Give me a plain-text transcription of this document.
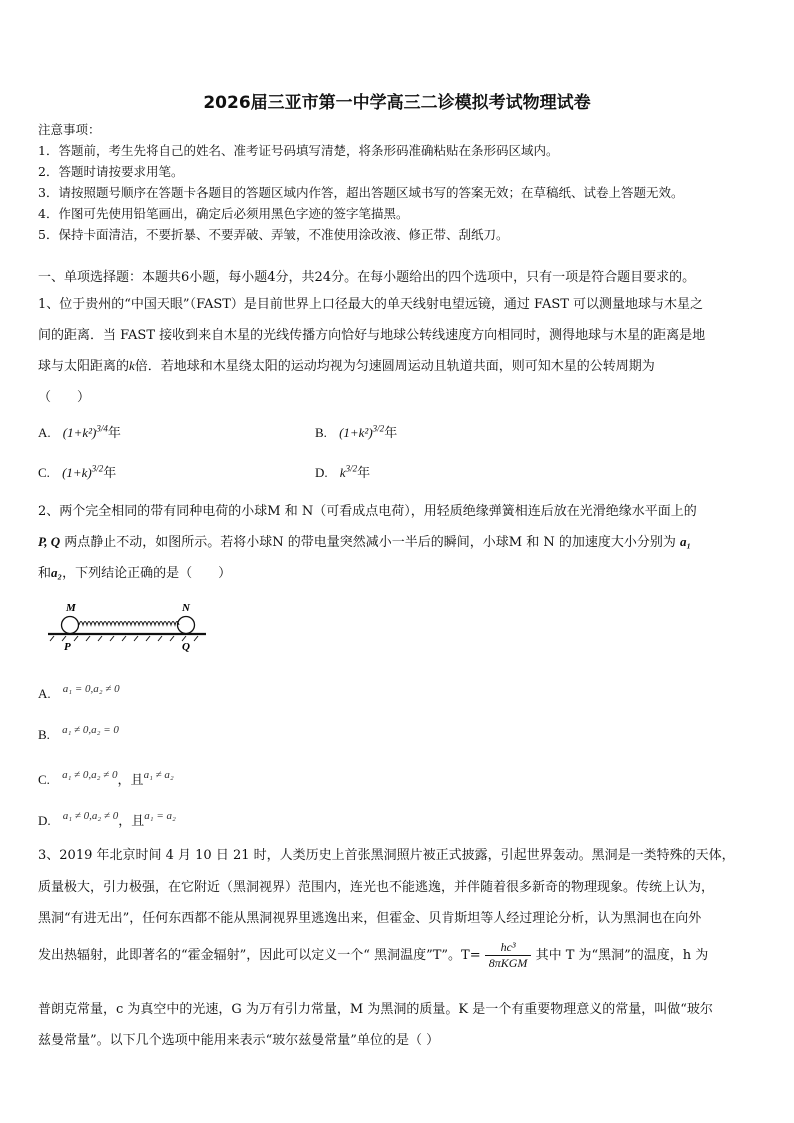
2026届三亚市第一中学高三二诊模拟考试物理试卷
注意事项：
1．答题前，考生先将自己的姓名、准考证号码填写清楚，将条形码准确粘贴在条形码区域内。
2．答题时请按要求用笔。
3．请按照题号顺序在答题卡各题目的答题区域内作答，超出答题区域书写的答案无效；在草稿纸、试卷上答题无效。
4．作图可先使用铅笔画出，确定后必须用黑色字迹的签字笔描黑。
5．保持卡面清洁，不要折暴、不要弄破、弄皱，不准使用涂改液、修正带、刮纸刀。
一、单项选择题：本题共6小题，每小题4分，共24分。在每小题给出的四个选项中，只有一项是符合题目要求的。
1、位于贵州的“中国天眼”（FAST）是目前世界上口径最大的单天线射电望远镜，通过 FAST 可以测量地球与木星之
间的距离．当 FAST 接收到来自木星的光线传播方向恰好与地球公转线速度方向相同时，测得地球与木星的距离是地
球与太阳距离的k倍．若地球和木星绕太阳的运动均视为匀速圆周运动且轨道共面，则可知木星的公转周期为
（　　）
A. $(1+k^2)^{3/4}$年	B. $(1+k^2)^{3/2}$年
C. $(1+k)^{3/2}$年	D. $k^{3/2}$年
2、两个完全相同的带有同种电荷的小球M 和 N（可看成点电荷），用轻质绝缘弹簧相连后放在光滑绝缘水平面上的
P, Q 两点静止不动，如图所示。若将小球N 的带电量突然减小一半后的瞬间，小球M 和 N 的加速度大小分别为 a₁
和a₂，下列结论正确的是（　　）
M	N
P	Q
A. a₁ = 0,a₂ ≠ 0
B. a₁ ≠ 0,a₂ = 0
C. a₁ ≠ 0,a₂ ≠ 0，且a₁ ≠ a₂
D. a₁ ≠ 0,a₂ ≠ 0，且a₁ = a₂
3、2019 年北京时间 4 月 10 日 21 时，人类历史上首张黑洞照片被正式披露，引起世界轰动。黑洞是一类特殊的天体，
质量极大，引力极强，在它附近（黑洞视界）范围内，连光也不能逃逸，并伴随着很多新奇的物理现象。传统上认为，
黑洞“有进无出”，任何东西都不能从黑洞视界里逃逸出来，但霍金、贝肯斯坦等人经过理论分析，认为黑洞也在向外
发出热辐射，此即著名的“霍金辐射”，因此可以定义一个“ 黑洞温度”T”。$T= \frac{\text{hc³}}{\text{8πKGM}}$ 其中 T 为“黑洞”的温度，h 为
普朗克常量，c 为真空中的光速，G 为万有引力常量，M 为黑洞的质量。K 是一个有重要物理意义的常量，叫做“玻尔
兹曼常量”。以下几个选项中能用来表示“玻尔兹曼常量”单位的是（ ）
